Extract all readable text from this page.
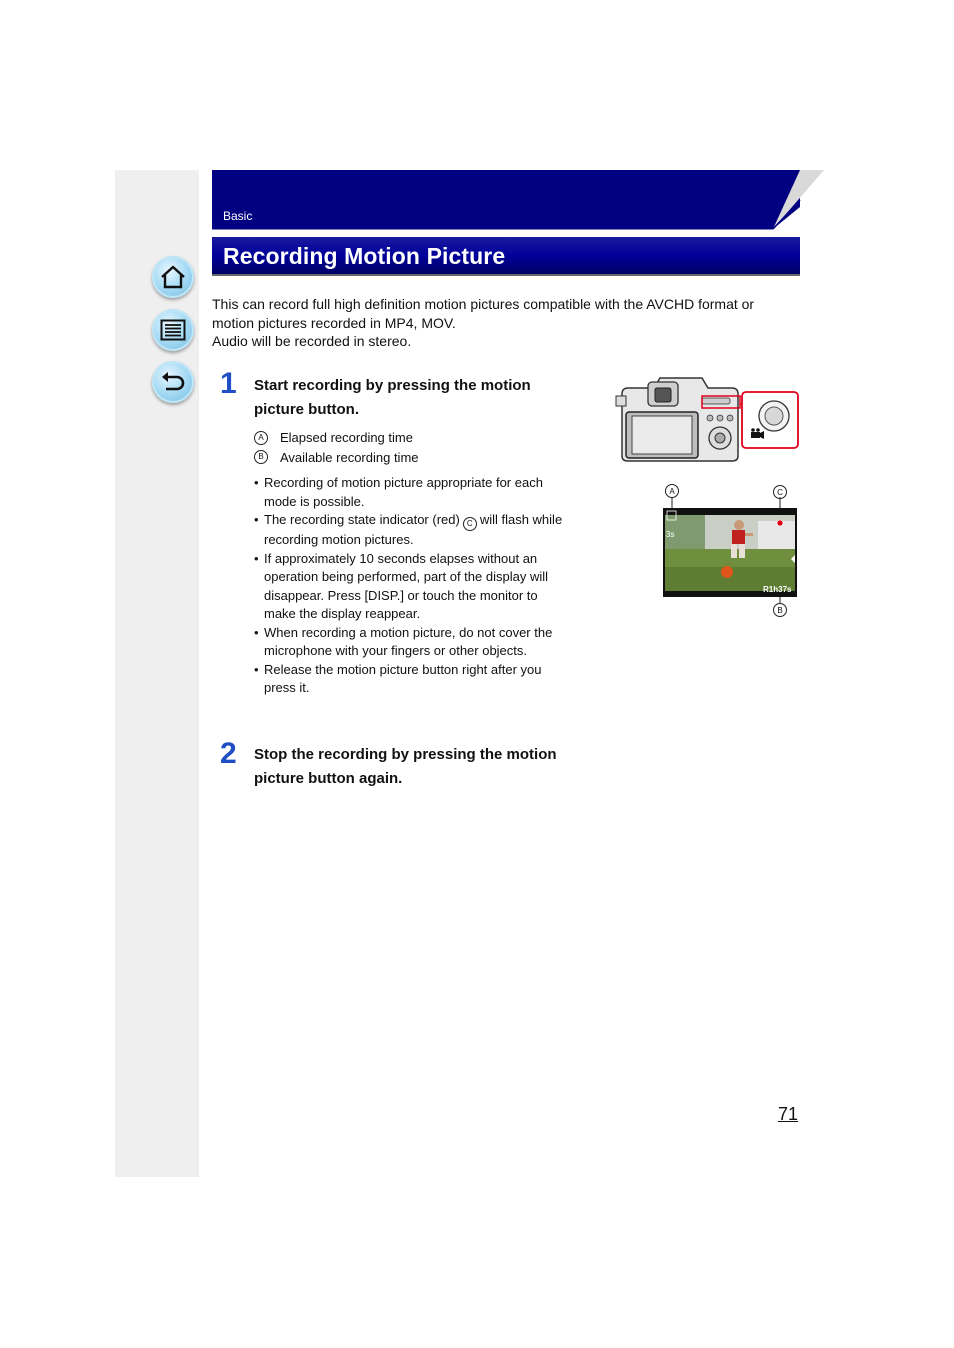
Basic
Recording Motion Picture
This can record full high definition motion pictures compatible with the AVCHD format or
motion pictures recorded in MP4, MOV.
Audio will be recorded in stereo.
1 Start recording by pressing the motion
picture button.
A	Elapsed recording time
B	Available recording time
• Recording of motion picture appropriate for each
mode is possible.
• The recording state indicator (red) C will flash while
recording motion pictures.
• If approximately 10 seconds elapses without an
operation being performed, part of the display will
disappear. Press [DISP.] or touch the monitor to
make the display reappear.
• When recording a motion picture, do not cover the
microphone with your fingers or other objects.
• Release the motion picture button right after you
press it.
A	C
B
3s
R1h37s
2 Stop the recording by pressing the motion
picture button again.
71
